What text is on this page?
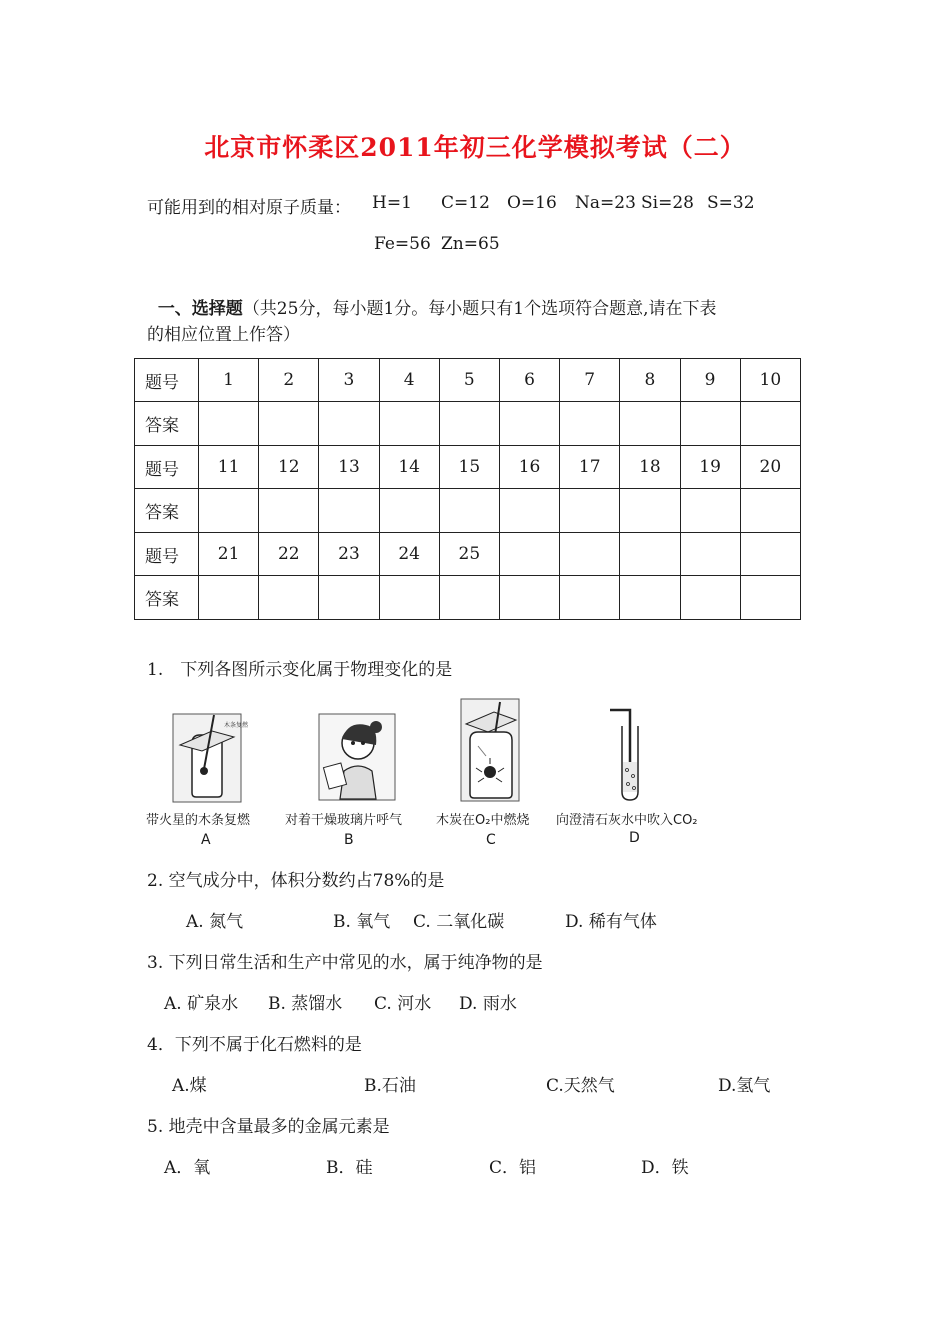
北京市怀柔区2011年初三化学模拟考试（二）
可能用到的相对原子质量： H=1 C=12 O=16 Na=23 Si=28 S=32
Fe=56 Zn=65

一、选择题（共25分，每小题1分。每小题只有1个选项符合题意,请在下表

的相应位置上作答）
题号	1	2	3	4	5	6	7	8	9	10
答案										
题号	11	12	13	14	15	16	17	18	19	20
答案										
题号	21	22	23	24	25					
答案										
1.　下列各图所示变化属于物理变化的是
木条复燃
带火星的木条复燃
A
对着干燥玻璃片呼气
B
木炭在O₂中燃烧
C
向澄清石灰水中吹入CO₂
D
2. 空气成分中，体积分数约占78%的是
A. 氮气	B. 氧气 C. 二氧化碳	D. 稀有气体
3. 下列日常生活和生产中常见的水，属于纯净物的是
A. 矿泉水 B. 蒸馏水 C. 河水 D. 雨水
4．下列不属于化石燃料的是
A.煤	B.石油	C.天然气	D.氢气
5. 地壳中含量最多的金属元素是
A．氧	B．硅	C．铝	D．铁
